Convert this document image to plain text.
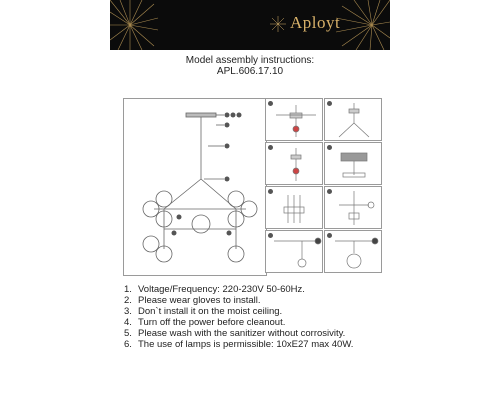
Aployt
Model assembly instructions:
APL.606.17.10
1. Voltage/Frequency: 220-230V 50-60Hz.
2. Please wear gloves to install.
3. Don`t install it on the moist ceiling.
4. Turn off the power before cleanout.
5. Please wash with the sanitizer without corrosivity.
6. The use of lamps is permissible: 10xE27 max 40W.
